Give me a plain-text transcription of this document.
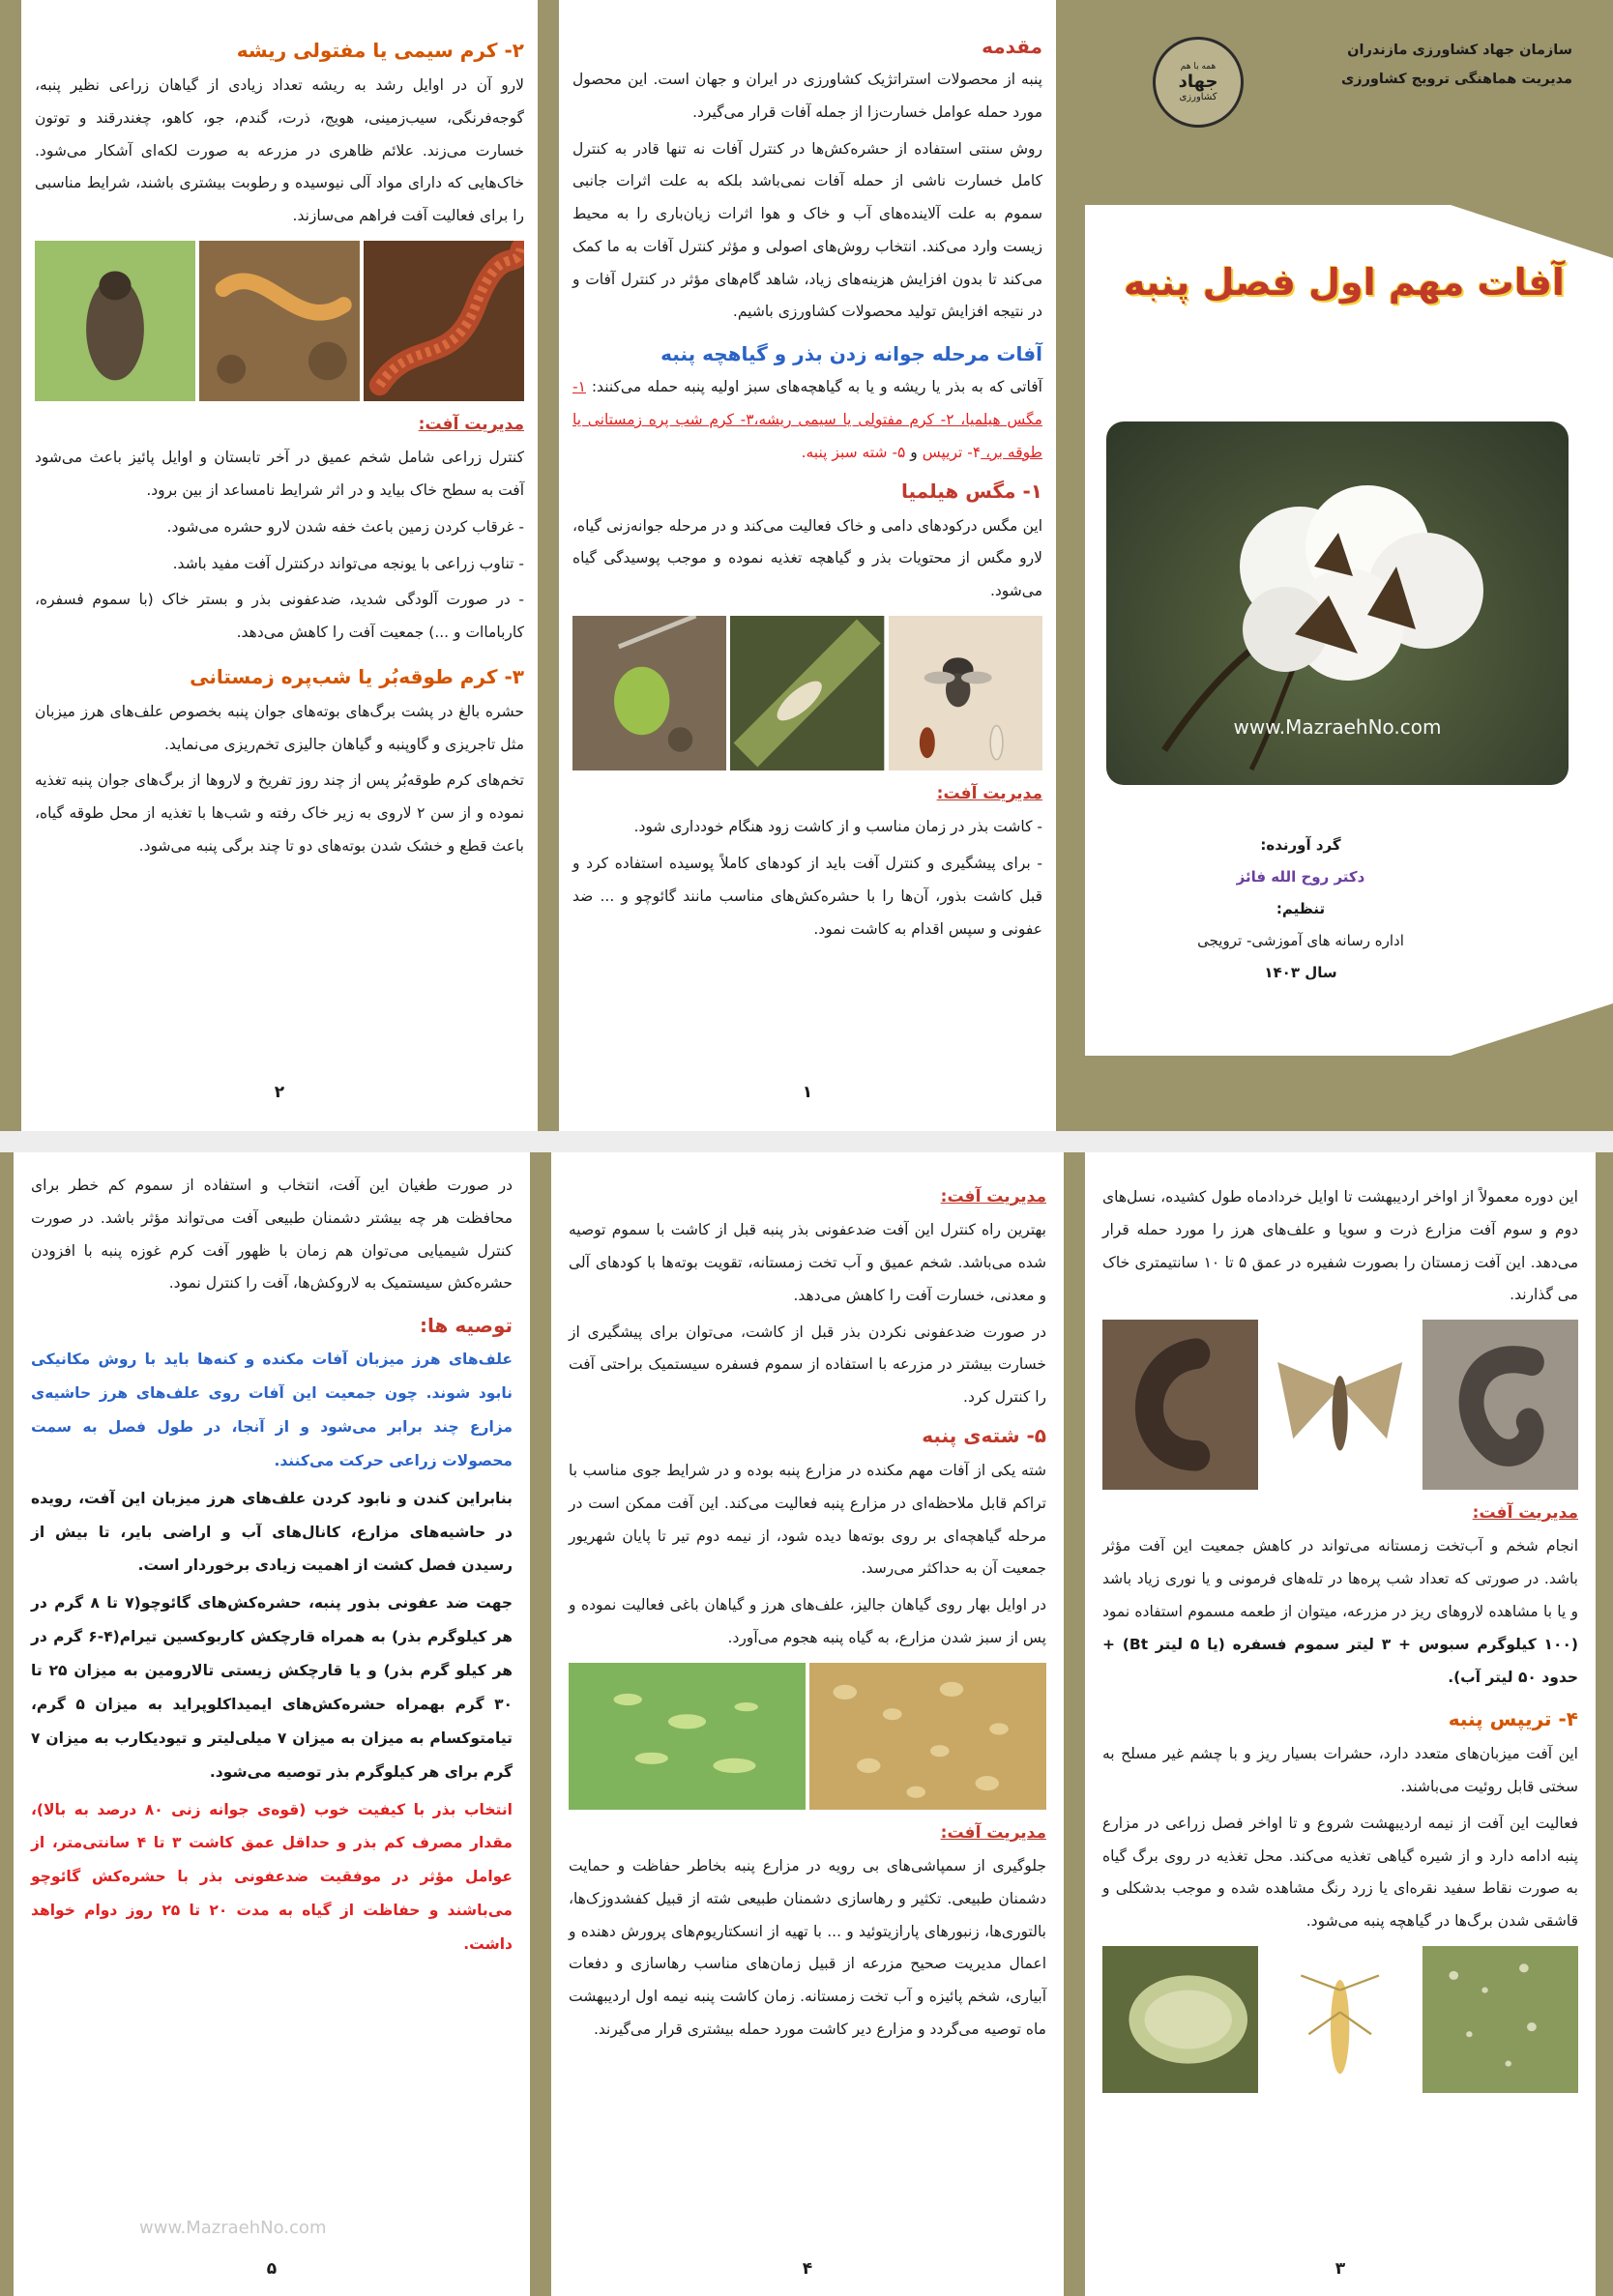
۲- کرم سیمی یا مفتولی ریشه

لارو آن در اوایل رشد به ریشه تعداد زیادی از گیاهان زراعی نظیر پنبه، گوجه‌فرنگی، سیب‌زمینی، هویج، ذرت، گندم، جو، کاهو، چغندرقند و توتون خسارت می‌زند. علائم ظاهری در مزرعه به صورت لکه‌ای آشکار می‌شود. خاک‌هایی که دارای مواد آلی نیوسیده و رطوبت بیشتری باشند، شرایط مناسبی را برای فعالیت آفت فراهم می‌سازند.

مدیریت آفت:

کنترل زراعی شامل شخم عمیق در آخر تابستان و اوایل پائیز باعث می‌شود آفت به سطح خاک بیاید و در اثر شرایط نامساعد از بین برود.

- غرقاب کردن زمین باعث خفه شدن لارو حشره می‌شود.

- تناوب زراعی با یونجه می‌تواند درکنترل آفت مفید باشد.

- در صورت آلودگی شدید، ضدعفونی بذر و بستر خاک (با سموم فسفره، کارباماات و ...) جمعیت آفت را کاهش می‌دهد.

۳- کرم طوقه‌بُر یا شب‌پره زمستانی

حشره بالغ در پشت برگ‌های بوته‌های جوان پنبه بخصوص علف‌های هرز میزبان مثل تاجریزی و گاوپنبه و گیاهان جالیزی تخم‌ریزی می‌نماید.

تخم‌های کرم طوقه‌بُر پس از چند روز تفریخ و لاروها از برگ‌های جوان پنبه تغذیه نموده و از سن ۲ لاروی به زیر خاک رفته و شب‌ها با تغذیه از محل طوقه گیاه، باعث قطع و خشک شدن بوته‌های دو تا چند برگی پنبه می‌شود.

۲
مقدمه

پنبه از محصولات استراتژیک کشاورزی در ایران و جهان است. این محصول مورد حمله عوامل خسارت‌زا از جمله آفات قرار می‌گیرد.

روش سنتی استفاده از حشره‌کش‌ها در کنترل آفات نه تنها قادر به کنترل کامل خسارت ناشی از حمله آفات نمی‌باشد بلکه به علت اثرات جانبی سموم به علت آلاینده‌های آب و خاک و هوا اثرات زیان‌باری را به محیط زیست وارد می‌کند. انتخاب روش‌های اصولی و مؤثر کنترل آفات به ما کمک می‌کند تا بدون افزایش هزینه‌های زیاد، شاهد گام‌های مؤثر در کنترل آفات و در نتیجه افزایش تولید محصولات کشاورزی باشیم.

آفات مرحله جوانه زدن بذر و گیاهچه پنبه

آفاتی که به بذر یا ریشه و یا به گیاهچه‌های سبز اولیه پنبه حمله می‌کنند: ۱- مگس هیلمیا، ۲- کرم مفتولی یا سیمی ریشه،۳- کرم شب پره زمستانی یا طوقه بر، ۴- تریپس و ۵- شته سبز پنبه.

۱- مگس هیلمیا

این مگس درکودهای دامی و خاک فعالیت می‌کند و در مرحله جوانه‌زنی گیاه، لارو مگس از محتویات بذر و گیاهچه تغذیه نموده و موجب پوسیدگی گیاه می‌شود.

مدیریت آفت:

- کاشت بذر در زمان مناسب و از کاشت زود هنگام خودداری شود.

- برای پیشگیری و کنترل آفت باید از کودهای کاملاً پوسیده استفاده کرد و قبل کاشت بذور، آن‌ها را با حشره‌کش‌های مناسب مانند گائوچو و ... ضد عفونی و سپس اقدام به کاشت نمود.

۱
سازمان جهاد کشاورزی مازندران
مدیریت هماهنگی ترویج کشاورزی
همه با هم
جهاد
کشاورزی
آفات مهم اول فصل پنبه
www.MazraehNo.com
گرد آورنده:
دکتر روح الله فائز
تنظیم:
اداره رسانه های آموزشی- ترویجی
سال ۱۴۰۳

در صورت طغیان این آفت، انتخاب و استفاده از سموم کم خطر برای محافظت هر چه بیشتر دشمنان طبیعی آفت می‌تواند مؤثر باشد. در صورت کنترل شیمیایی می‌توان هم زمان با ظهور آفت کرم غوزه پنبه با افزودن حشره‌کش سیستمیک به لاروکش‌ها، آفت را کنترل نمود.

توصیه ها:

علف‌های هرز میزبان آفات مکنده و کنه‌ها باید با روش مکانیکی نابود شوند. چون جمعیت این آفات روی علف‌های هرز حاشیه‌ی مزارع چند برابر می‌شود و از آنجا، در طول فصل به سمت محصولات زراعی حرکت می‌کنند.

بنابراین کندن و نابود کردن علف‌های هرز میزبان این آفت، رویده در حاشیه‌های مزارع، کانال‌های آب و اراضی بایر، تا بیش از رسیدن فصل کشت از اهمیت زیادی برخوردار است.

جهت ضد عفونی بذور پنبه، حشره‌کش‌های گائوچو(۷ تا ۸ گرم در هر کیلوگرم بذر) به همراه قارچکش کاربوکسین تیرام(۴-۶ گرم در هر کیلو گرم بذر) و یا قارچکش زیستی تالارومین به میزان ۲۵ تا ۳۰ گرم بهمراه حشره‌کش‌های ایمیداکلوپراید به میزان ۵ گرم، تیامتوکسام به میزان به میزان ۷ میلی‌لیتر و تیودیکارب به میزان ۷ گرم برای هر کیلوگرم بذر توصیه می‌شود.

انتخاب بذر با کیفیت خوب (قوه‌ی جوانه زنی ۸۰ درصد به بالا)، مقدار مصرف کم بذر و حداقل عمق کاشت ۳ تا ۴ سانتی‌متر، از عوامل مؤثر در موفقیت ضدعفونی بذر با حشره‌کش گائوچو می‌باشند و حفاظت از گیاه به مدت ۲۰ تا ۲۵ روز دوام خواهد داشت.

www.MazraehNo.com
۵
مدیریت آفت:

بهترین راه کنترل این آفت ضدعفونی بذر پنبه قبل از کاشت با سموم توصیه شده می‌باشد. شخم عمیق و آب تخت زمستانه، تقویت بوته‌ها با کودهای آلی و معدنی، خسارت آفت را کاهش می‌دهد.

در صورت ضدعفونی نکردن بذر قبل از کاشت، می‌توان برای پیشگیری از خسارت بیشتر در مزرعه با استفاده از سموم فسفره سیستمیک براحتی آفت را کنترل کرد.

۵- شته‌ی پنبه

شته یکی از آفات مهم مکنده در مزارع پنبه بوده و در شرایط جوی مناسب با تراکم قابل ملاحظه‌ای در مزارع پنبه فعالیت می‌کند. این آفت ممکن است در مرحله گیاهچه‌ای بر روی بوته‌ها دیده شود، از نیمه دوم تیر تا پایان شهریور جمعیت آن به حداکثر می‌رسد.

در اوایل بهار روی گیاهان جالیز، علف‌های هرز و گیاهان باغی فعالیت نموده و پس از سبز شدن مزارع، به گیاه پنبه هجوم می‌آورد.

مدیریت آفت:

جلوگیری از سمپاشی‌های بی رویه در مزارع پنبه بخاطر حفاظت و حمایت دشمنان طبیعی. تکثیر و رهاسازی دشمنان طبیعی شته از قبیل کفشدوزک‌ها، بالتوری‌ها، زنبورهای پارازیتوئید و ... با تهیه از انسکتاریوم‌های پرورش دهنده و اعمال مدیریت صحیح مزرعه از قبیل زمان‌های مناسب رهاسازی و دفعات آبیاری، شخم پائیزه و آب تخت زمستانه. زمان کاشت پنبه نیمه اول اردیبهشت ماه توصیه می‌گردد و مزارع دیر کاشت مورد حمله بیشتری قرار می‌گیرند.

۴

این دوره معمولاً از اواخر اردیبهشت تا اوایل خردادماه طول کشیده، نسل‌های دوم و سوم آفت مزارع ذرت و سویا و علف‌های هرز را مورد حمله قرار می‌دهد. این آفت زمستان را بصورت شفیره در عمق ۵ تا ۱۰ سانتیمتری خاک می گذارند.

مدیریت آفت:

انجام شخم و آب‌تخت زمستانه می‌تواند در کاهش جمعیت این آفت مؤثر باشد. در صورتی که تعداد شب پره‌ها در تله‌های فرمونی و یا نوری زیاد باشد و یا با مشاهده لاروهای ریز در مزرعه، میتوان از طعمه مسموم استفاده نمود (۱۰۰ کیلوگرم سبوس + ۳ لیتر سموم فسفره (یا ۵ لیتر Bt) + حدود ۵۰ لیتر آب).

۴- تریپس پنبه

این آفت میزبان‌های متعدد دارد، حشرات بسیار ریز و با چشم غیر مسلح به سختی قابل روئیت می‌باشند.

فعالیت این آفت از نیمه اردیبهشت شروع و تا اواخر فصل زراعی در مزارع پنبه ادامه دارد و از شیره گیاهی تغذیه می‌کند. محل تغذیه در روی برگ گیاه به صورت نقاط سفید نقره‌ای یا زرد رنگ مشاهده شده و موجب بدشکلی و قاشقی شدن برگ‌ها در گیاهچه پنبه می‌شود.

۳
